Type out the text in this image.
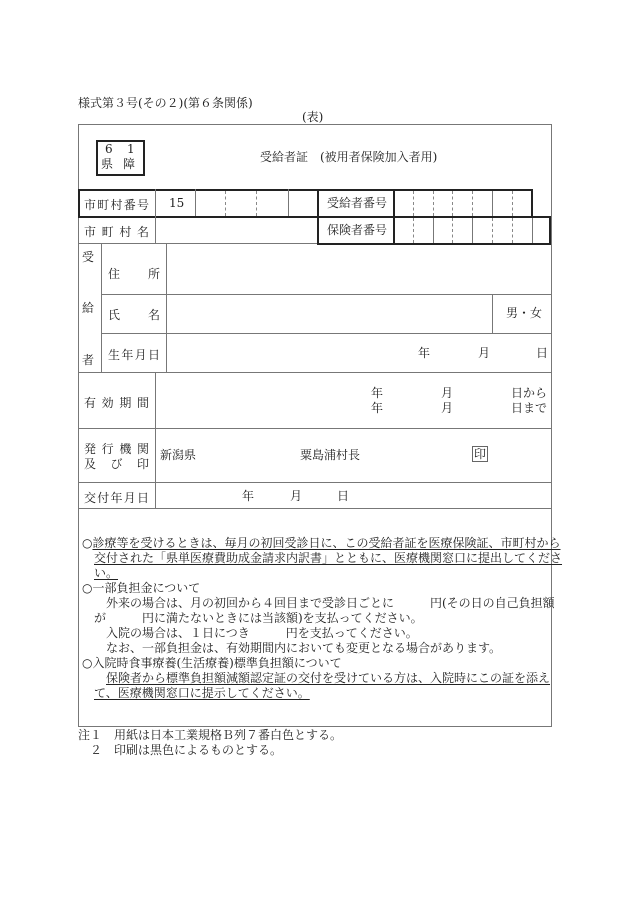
様式第３号(その２)(第６条関係)
(表)
6 1
県 障	受給者証　(被用者保険加入者用)
市 町 村 番 号 15	受給者番号
市 町 村 名	保険者番号
受
給
者
住 所
氏 名	男・女
生 年 月 日	年	月	日
有 効 期 間
年	月	日から
年	月	日まで
発 行 機 関
及 び 印
新潟県	粟島浦村長	印
交 付 年 月 日	年	月	日
○診療等を受けるときは、毎月の初回受診日に、この受給者証を医療保険証、市町村から
交付された「県単医療費助成金請求内訳書」とともに、医療機関窓口に提出してくださ
い。
○一部負担金について
外来の場合は、月の初回から４回目まで受診日ごとに　　　円(その日の自己負担額
が　　　円に満たないときには当該額)を支払ってください。
入院の場合は、１日につき　　　円を支払ってください。
なお、一部負担金は、有効期間内においても変更となる場合があります。
○入院時食事療養(生活療養)標準負担額について
保険者から標準負担額減額認定証の交付を受けている方は、入院時にこの証を添え
て、医療機関窓口に提示してください。
注１　用紙は日本工業規格Ｂ列７番白色とする。
２　印刷は黒色によるものとする。
